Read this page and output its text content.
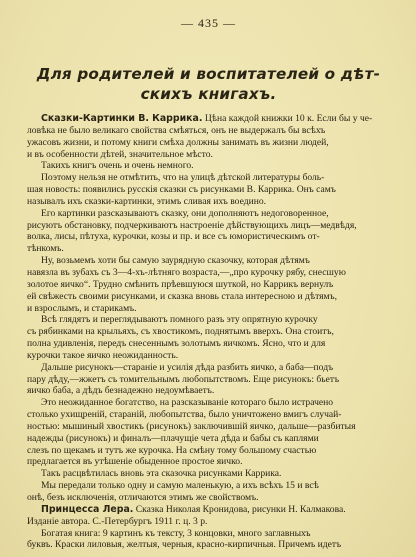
— 435 —
Для родителей и воспитателей о дѣт-
скихъ книгахъ.
Сказки-Картинки В. Каррика. Цѣна каждой книжки 10 к. Если бы у че-
ловѣка не было великаго свойства смѣяться, онъ не выдержалъ бы всѣхъ
ужасовъ жизни, и потому книги смѣха должны занимать въ жизни людей,
и въ особенности дѣтей, значительное мѣсто.
Такихъ книгъ очень и очень немного.
Поэтому нельзя не отмѣтить, что на улицѣ дѣтской литературы боль-
шая новость: появились русскія сказки съ рисунками В. Каррика. Онъ самъ
называлъ ихъ сказки-картинки, этимъ сливая ихъ воедино.
Его картинки разсказываютъ сказку, они дополняютъ недоговоренное,
рисуютъ обстановку, подчеркиваютъ настроеніе дѣйствующихъ лицъ—медвѣдя,
волка, лисы, пѣтуха, курочки, козы и пр. и все съ юмористическимъ от-
тѣнкомъ.
Ну, возьмемъ хоти бы самую заурядную сказочку, которая дѣтямъ
навязла въ зубахъ съ 3—4-хъ-лѣтняго возраста,—„про курочку рябу, снесшую
золотое яичко“. Трудно смѣнить прѣевшуюся шуткой, но Каррикъ вернулъ
ей свѣжесть своими рисунками, и сказка вновь стала интересною и дѣтямъ,
и взрослымъ, и старикамъ.
Всѣ глядятъ и переглядываютъ помного разъ эту опрятную курочку
съ рябинками на крыльяхъ, съ хвостикомъ, поднятымъ вверхъ. Она стоитъ,
полна удивленія, передъ снесеннымъ золотымъ яичкомъ. Ясно, что и для
курочки такое яичко неожиданность.
Дальше рисунокъ—стараніе и усилія дѣда разбить яичко, а баба—подъ
пару дѣду,—жжетъ съ томительнымъ любопытствомъ. Еще рисунокъ: бьетъ
яичко баба, а дѣдъ безнадежно недоумѣваетъ.
Это неожиданное богатство, на разсказываніе котораго было истрачено
столько ухищреній, стараній, любопытства, было уничтожено вмигъ случай-
ностью: мышиный хвостикъ (рисунокъ) заключившій яичко, дальше—разбитыя
надежды (рисунокъ) и финалъ—плачущіе чета дѣда и бабы съ каплями
слезъ по щекамъ и тутъ же курочка. На смѣну тому большому счастью
предлагается въ утѣшеніе обыденное простое яичко.
Такъ расцвѣтилась вновь эта сказочка рисунками Каррика.
Мы передали только одну и самую маленькую, а ихъ всѣхъ 15 и всѣ
онѣ, безъ исключенія, отличаются этимъ же свойствомъ.
Принцесса Лера. Сказка Николая Кронидова, рисунки Н. Калмакова.
Изданіе автора. С.-Петербургъ 1911 г. ц. 3 р.
Богатая книга: 9 картинъ къ тексту, 3 концовки, много заглавныхъ
буквъ. Краски лиловыя, желтыя, черныя, красно-кирпичныя. Причемъ идетъ
